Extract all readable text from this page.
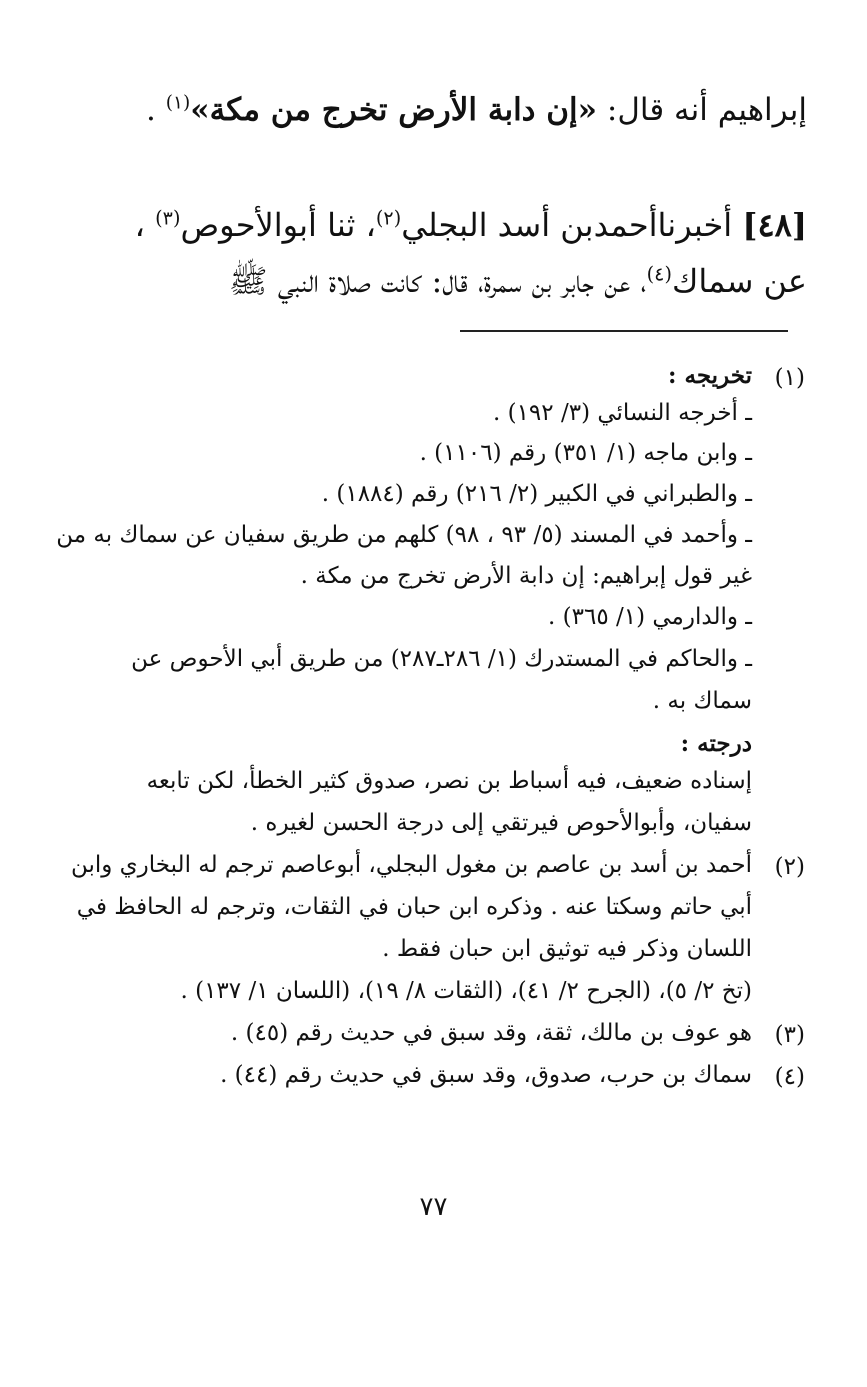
إبراهيم أنه قال: «إن دابة الأرض تخرج من مكة»$^{(١)}$ .
[٤٨] أخبرناأحمدبن أسد البجلي$^{(٢)}$، ثنا أبوالأحوص$^{(٣)}$ ،
عن سماك$^{(٤)}$، عن جابر بن سمرة، قال: كانت صلاة النبي ﷺ
(١)
تخريجه :
ـ أخرجه النسائي (٣/ ١٩٢) .
ـ وابن ماجه (١/ ٣٥١) رقم (١١٠٦) .
ـ والطبراني في الكبير (٢/ ٢١٦) رقم (١٨٨٤) .
ـ وأحمد في المسند (٥/ ٩٣ ، ٩٨) كلهم من طريق سفيان عن سماك به من
غير قول إبراهيم: إن دابة الأرض تخرج من مكة .
ـ والدارمي (١/ ٣٦٥) .
ـ والحاكم في المستدرك (١/ ٢٨٦ـ٢٨٧) من طريق أبي الأحوص عن
سماك به .
درجته :
إسناده ضعيف، فيه أسباط بن نصر، صدوق كثير الخطأ، لكن تابعه
سفيان، وأبوالأحوص فيرتقي إلى درجة الحسن لغيره .
(٢)
أحمد بن أسد بن عاصم بن مغول البجلي، أبوعاصم ترجم له البخاري وابن
أبي حاتم وسكتا عنه . وذكره ابن حبان في الثقات، وترجم له الحافظ في
اللسان وذكر فيه توثيق ابن حبان فقط .
(تخ ٢/ ٥)، (الجرح ٢/ ٤١)، (الثقات ٨/ ١٩)، (اللسان ١/ ١٣٧) .
(٣)
هو عوف بن مالك، ثقة، وقد سبق في حديث رقم (٤٥) .
(٤)
سماك بن حرب، صدوق، وقد سبق في حديث رقم (٤٤) .
٧٧
